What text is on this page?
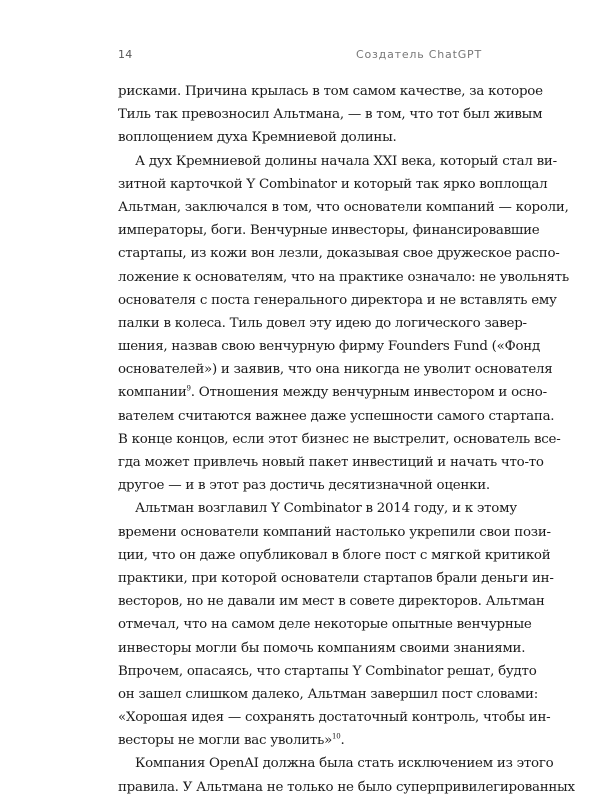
14	Создатель ChatGPT
рисками. Причина крылась в том самом качестве, за которое
Тиль так превозносил Альтмана, — в том, что тот был живым
воплощением духа Кремниевой долины.
А дух Кремниевой долины начала XXI века, который стал ви-
зитной карточкой Y Combinator и который так ярко воплощал
Альтман, заключался в том, что основатели компаний — короли,
императоры, боги. Венчурные инвесторы, финансировавшие
стартапы, из кожи вон лезли, доказывая свое дружеское распо-
ложение к основателям, что на практике означало: не увольнять
основателя с поста генерального директора и не вставлять ему
палки в колеса. Тиль довел эту идею до логического завер-
шения, назвав свою венчурную фирму Founders Fund («Фонд
основателей») и заявив, что она никогда не уволит основателя
компании$^9$. Отношения между венчурным инвестором и осно-
вателем считаются важнее даже успешности самого стартапа.
В конце концов, если этот бизнес не выстрелит, основатель все-
гда может привлечь новый пакет инвестиций и начать что-то
другое — и в этот раз достичь десятизначной оценки.
Альтман возглавил Y Combinator в 2014 году, и к этому
времени основатели компаний настолько укрепили свои пози-
ции, что он даже опубликовал в блоге пост с мягкой критикой
практики, при которой основатели стартапов брали деньги ин-
весторов, но не давали им мест в совете директоров. Альтман
отмечал, что на самом деле некоторые опытные венчурные
инвесторы могли бы помочь компаниям своими знаниями.
Впрочем, опасаясь, что стартапы Y Combinator решат, будто
он зашел слишком далеко, Альтман завершил пост словами:
«Хорошая идея — сохранять достаточный контроль, чтобы ин-
весторы не могли вас уволить»$^{10}$.
Компания OpenAI должна была стать исключением из этого
правила. У Альтмана не только не было суперпривилегированных
